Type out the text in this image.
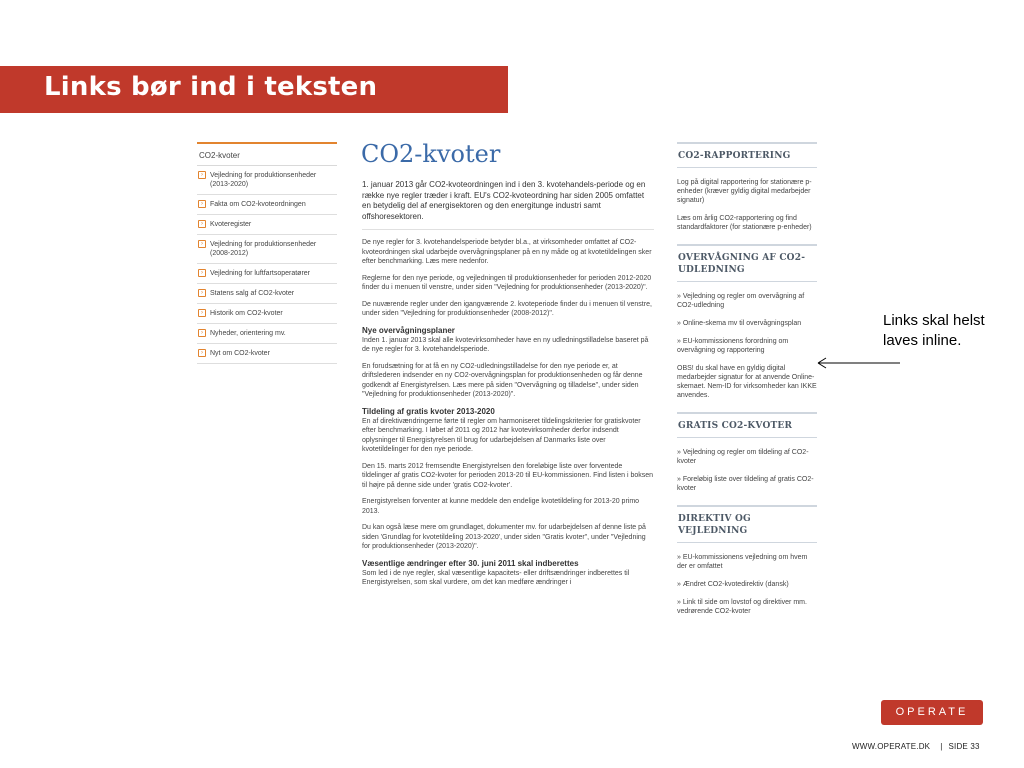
Links bør ind i teksten
CO2-kvoter
›	Vejledning for produktionsenheder (2013-2020)
›	Fakta om CO2-kvoteordningen
›	Kvoteregister
›	Vejledning for produktionsenheder (2008-2012)
›	Vejledning for luftfartsoperatører
›	Statens salg af CO2-kvoter
›	Historik om CO2-kvoter
›	Nyheder, orientering mv.
›	Nyt om CO2-kvoter
CO2-kvoter
1. januar 2013 går CO2-kvoteordningen ind i den 3. kvotehandels-periode og en række nye regler træder i kraft. EU's CO2-kvoteordning har siden 2005 omfattet en betydelig del af energisektoren og den energitunge industri samt offshoresektoren.

De nye regler for 3. kvotehandelsperiode betyder bl.a., at virksomheder omfattet af CO2-kvoteordningen skal udarbejde overvågningsplaner på en ny måde og at kvotetildelingen sker efter benchmarking. Læs mere nedenfor.

Reglerne for den nye periode, og vejledningen til produktionsenheder for perioden 2012-2020 finder du i menuen til venstre, under siden "Vejledning for produktionsenheder (2013-2020)".

De nuværende regler under den igangværende 2. kvoteperiode finder du i menuen til venstre, under siden "Vejledning for produktionsenheder (2008-2012)".

Nye overvågningsplaner

Inden 1. januar 2013 skal alle kvotevirksomheder have en ny udledningstilladelse baseret på de nye regler for 3. kvotehandelsperiode.

En forudsætning for at få en ny CO2-udledningstilladelse for den nye periode er, at driftslederen indsender en ny CO2-overvågningsplan for produktionsenheden og får denne godkendt af Energistyrelsen. Læs mere på siden "Overvågning og tilladelse", under siden "Vejledning for produktionsenheder (2013-2020)".

Tildeling af gratis kvoter 2013-2020

En af direktivændringerne førte til regler om harmoniseret tildelingskriterier for gratiskvoter efter benchmarking. I løbet af 2011 og 2012 har kvotevirksomheder derfor indsendt oplysninger til Energistyrelsen til brug for udarbejdelsen af Danmarks liste over kvotetildelinger for den nye periode.

Den 15. marts 2012 fremsendte Energistyrelsen den foreløbige liste over forventede tildelinger af gratis CO2-kvoter for perioden 2013-20 til EU-kommissionen. Find listen i boksen til højre på denne side under 'gratis CO2-kvoter'.

Energistyrelsen forventer at kunne meddele den endelige kvotetildeling for 2013-20 primo 2013.

Du kan også læse mere om grundlaget, dokumenter mv. for udarbejdelsen af denne liste på siden 'Grundlag for kvotetildeling 2013-2020', under siden "Gratis kvoter", under "Vejledning for produktionsenheder (2013-2020)".

Væsentlige ændringer efter 30. juni 2011 skal indberettes

Som led i de nye regler, skal væsentlige kapacitets- eller driftsændringer indberettes til Energistyrelsen, som skal vurdere, om det kan medføre ændringer i

CO2-RAPPORTERING

Log på digital rapportering for stationære p-enheder (kræver gyldig digital medarbejder signatur)

Læs om årlig CO2-rapportering og find standardfaktorer (for stationære p-enheder)

OVERVÅGNING AF CO2-UDLEDNING

» Vejledning og regler om overvågning af CO2-udledning

» Online-skema mv til overvågningsplan

» EU-kommissionens forordning om overvågning og rapportering

OBS! du skal have en gyldig digital medarbejder signatur for at anvende Online-skemaet. Nem-ID for virksomheder kan IKKE anvendes.

GRATIS CO2-KVOTER

» Vejledning og regler om tildeling af CO2-kvoter

» Foreløbig liste over tildeling af gratis CO2-kvoter

DIREKTIV OG VEJLEDNING

» EU-kommissionens vejledning om hvem der er omfattet

» Ændret CO2-kvotedirektiv (dansk)

» Link til side om lovstof og direktiver mm. vedrørende CO2-kvoter

Links skal helst laves inline.
OPERATE
WWW.OPERATE.DK | SIDE 33
